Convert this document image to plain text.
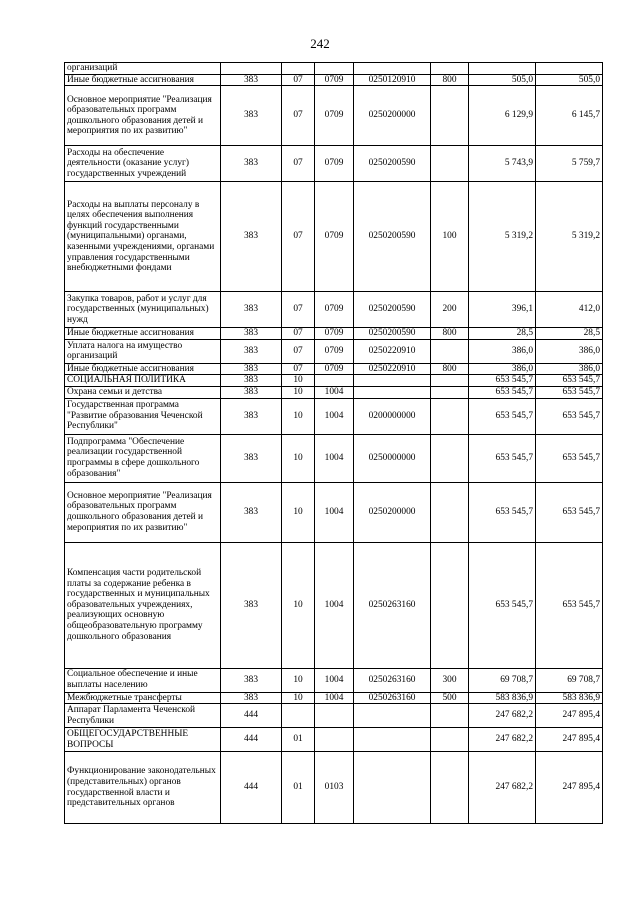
242
организаций							
Иные бюджетные ассигнования	383	07	0709	0250120910	800	505,0	505,0
Основное мероприятие "Реализация образовательных программ дошкольного образования детей и мероприятия по их развитию"	383	07	0709	0250200000		6 129,9	6 145,7
Расходы на обеспечение деятельности (оказание услуг) государственных учреждений	383	07	0709	0250200590		5 743,9	5 759,7
Расходы на выплаты персоналу в целях обеспечения выполнения функций государственными (муниципальными) органами, казенными учреждениями, органами управления государственными внебюджетными фондами	383	07	0709	0250200590	100	5 319,2	5 319,2
Закупка товаров, работ и услуг для государственных (муниципальных) нужд	383	07	0709	0250200590	200	396,1	412,0
Иные бюджетные ассигнования	383	07	0709	0250200590	800	28,5	28,5
Уплата налога на имущество организаций	383	07	0709	0250220910		386,0	386,0
Иные бюджетные ассигнования	383	07	0709	0250220910	800	386,0	386,0
СОЦИАЛЬНАЯ ПОЛИТИКА	383	10				653 545,7	653 545,7
Охрана семьи и детства	383	10	1004			653 545,7	653 545,7
Государственная программа "Развитие образования Чеченской Республики"	383	10	1004	0200000000		653 545,7	653 545,7
Подпрограмма "Обеспечение реализации государственной программы в сфере дошкольного образования"	383	10	1004	0250000000		653 545,7	653 545,7
Основное мероприятие "Реализация образовательных программ дошкольного образования детей и мероприятия по их развитию"	383	10	1004	0250200000		653 545,7	653 545,7
Компенсация части родительской платы за содержание ребенка в государственных и муниципальных образовательных учреждениях, реализующих основную общеобразовательную программу дошкольного образования	383	10	1004	0250263160		653 545,7	653 545,7
Социальное обеспечение и иные выплаты населению	383	10	1004	0250263160	300	69 708,7	69 708,7
Межбюджетные трансферты	383	10	1004	0250263160	500	583 836,9	583 836,9
Аппарат Парламента Чеченской Республики	444					247 682,2	247 895,4
ОБЩЕГОСУДАРСТВЕННЫЕ ВОПРОСЫ	444	01				247 682,2	247 895,4
Функционирование законодательных (представительных) органов государственной власти и представительных органов	444	01	0103			247 682,2	247 895,4
